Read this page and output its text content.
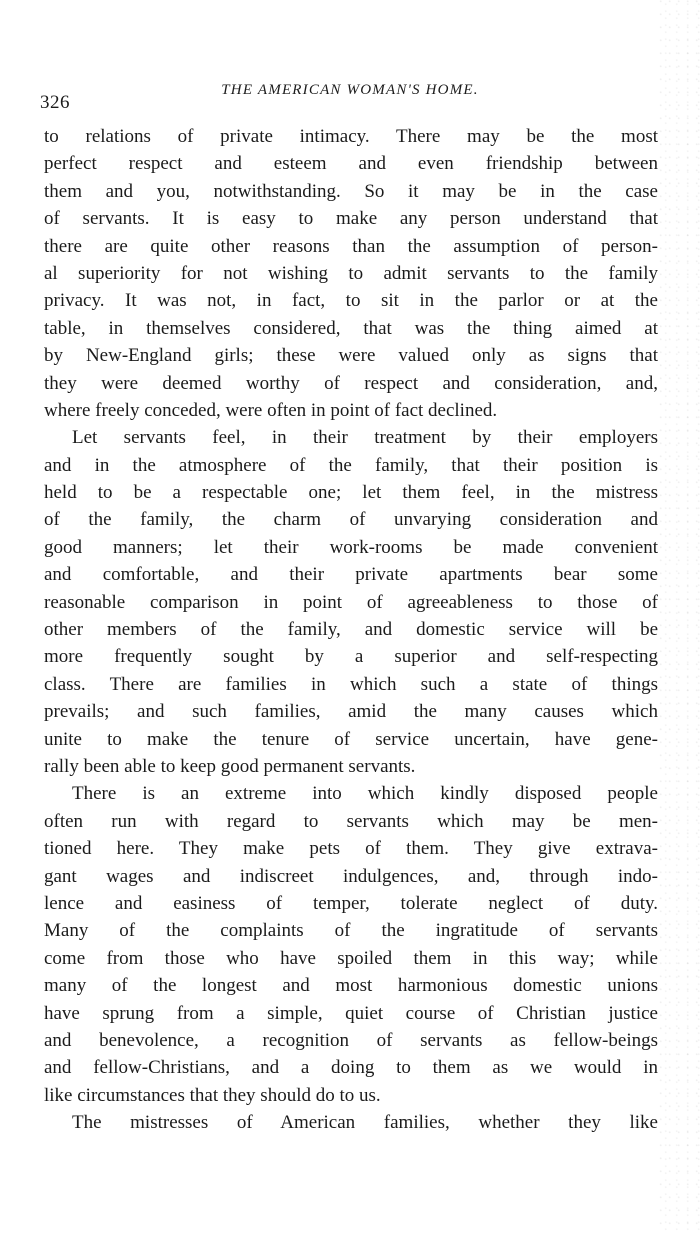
326
THE AMERICAN WOMAN'S HOME.
to relations of private intimacy. There may be the most
perfect respect and esteem and even friendship between
them and you, notwithstanding. So it may be in the case
of servants. It is easy to make any person understand that
there are quite other reasons than the assumption of person-
al superiority for not wishing to admit servants to the family
privacy. It was not, in fact, to sit in the parlor or at the
table, in themselves considered, that was the thing aimed at
by New-England girls; these were valued only as signs that
they were deemed worthy of respect and consideration, and,
where freely conceded, were often in point of fact declined.
Let servants feel, in their treatment by their employers
and in the atmosphere of the family, that their position is
held to be a respectable one; let them feel, in the mistress
of the family, the charm of unvarying consideration and
good manners; let their work-rooms be made convenient
and comfortable, and their private apartments bear some
reasonable comparison in point of agreeableness to those of
other members of the family, and domestic service will be
more frequently sought by a superior and self-respecting
class. There are families in which such a state of things
prevails; and such families, amid the many causes which
unite to make the tenure of service uncertain, have gene-
rally been able to keep good permanent servants.
There is an extreme into which kindly disposed people
often run with regard to servants which may be men-
tioned here. They make pets of them. They give extrava-
gant wages and indiscreet indulgences, and, through indo-
lence and easiness of temper, tolerate neglect of duty.
Many of the complaints of the ingratitude of servants
come from those who have spoiled them in this way; while
many of the longest and most harmonious domestic unions
have sprung from a simple, quiet course of Christian justice
and benevolence, a recognition of servants as fellow-beings
and fellow-Christians, and a doing to them as we would in
like circumstances that they should do to us.
The mistresses of American families, whether they like
